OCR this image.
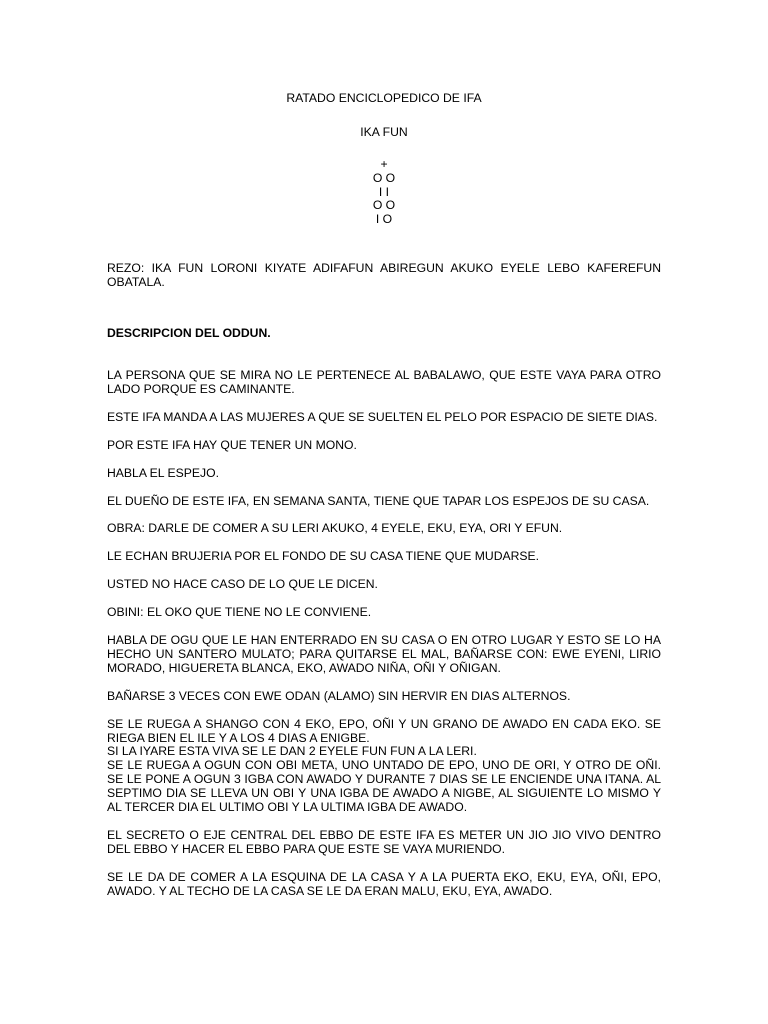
RATADO ENCICLOPEDICO DE IFA
IKA FUN
+
O O
I I
O O
I O

REZO: IKA FUN LORONI KIYATE ADIFAFUN ABIREGUN AKUKO EYELE LEBO KAFEREFUN OBATALA.

DESCRIPCION DEL ODDUN.

LA PERSONA QUE SE MIRA NO LE PERTENECE AL BABALAWO, QUE ESTE VAYA PARA OTRO LADO PORQUE ES CAMINANTE.

ESTE IFA MANDA A LAS MUJERES A QUE SE SUELTEN EL PELO POR ESPACIO DE SIETE DIAS.

POR ESTE IFA HAY QUE TENER UN MONO.

HABLA EL ESPEJO.

EL DUEÑO DE ESTE IFA, EN SEMANA SANTA, TIENE QUE TAPAR LOS ESPEJOS DE SU CASA.

OBRA: DARLE DE COMER A SU LERI AKUKO, 4 EYELE, EKU, EYA, ORI Y EFUN.

LE ECHAN BRUJERIA POR EL FONDO DE SU CASA TIENE QUE MUDARSE.

USTED NO HACE CASO DE LO QUE LE DICEN.

OBINI: EL OKO QUE TIENE NO LE CONVIENE.

HABLA DE OGU QUE LE HAN ENTERRADO EN SU CASA O EN OTRO LUGAR Y ESTO SE LO HA HECHO UN SANTERO MULATO; PARA QUITARSE EL MAL, BAÑARSE CON: EWE EYENI, LIRIO MORADO, HIGUERETA BLANCA, EKO, AWADO NIÑA, OÑI Y OÑIGAN.

BAÑARSE 3 VECES CON EWE ODAN (ALAMO) SIN HERVIR EN DIAS ALTERNOS.

SE LE RUEGA A SHANGO CON 4 EKO, EPO, OÑI Y UN GRANO DE AWADO EN CADA EKO. SE RIEGA BIEN EL ILE Y A LOS 4 DIAS A ENIGBE.
SI LA IYARE ESTA VIVA SE LE DAN 2 EYELE FUN FUN A LA LERI.
SE LE RUEGA A OGUN CON OBI META, UNO UNTADO DE EPO, UNO DE ORI, Y OTRO DE OÑI. SE LE PONE A OGUN 3 IGBA CON AWADO Y DURANTE 7 DIAS SE LE ENCIENDE UNA ITANA. AL SEPTIMO DIA SE LLEVA UN OBI Y UNA IGBA DE AWADO A NIGBE, AL SIGUIENTE LO MISMO Y AL TERCER DIA EL ULTIMO OBI Y LA ULTIMA IGBA DE AWADO.

EL SECRETO O EJE CENTRAL DEL EBBO DE ESTE IFA ES METER UN JIO JIO VIVO DENTRO DEL EBBO Y HACER EL EBBO PARA QUE ESTE SE VAYA MURIENDO.

SE LE DA DE COMER A LA ESQUINA DE LA CASA Y A LA PUERTA EKO, EKU, EYA, OÑI, EPO, AWADO. Y AL TECHO DE LA CASA SE LE DA ERAN MALU, EKU, EYA, AWADO.
